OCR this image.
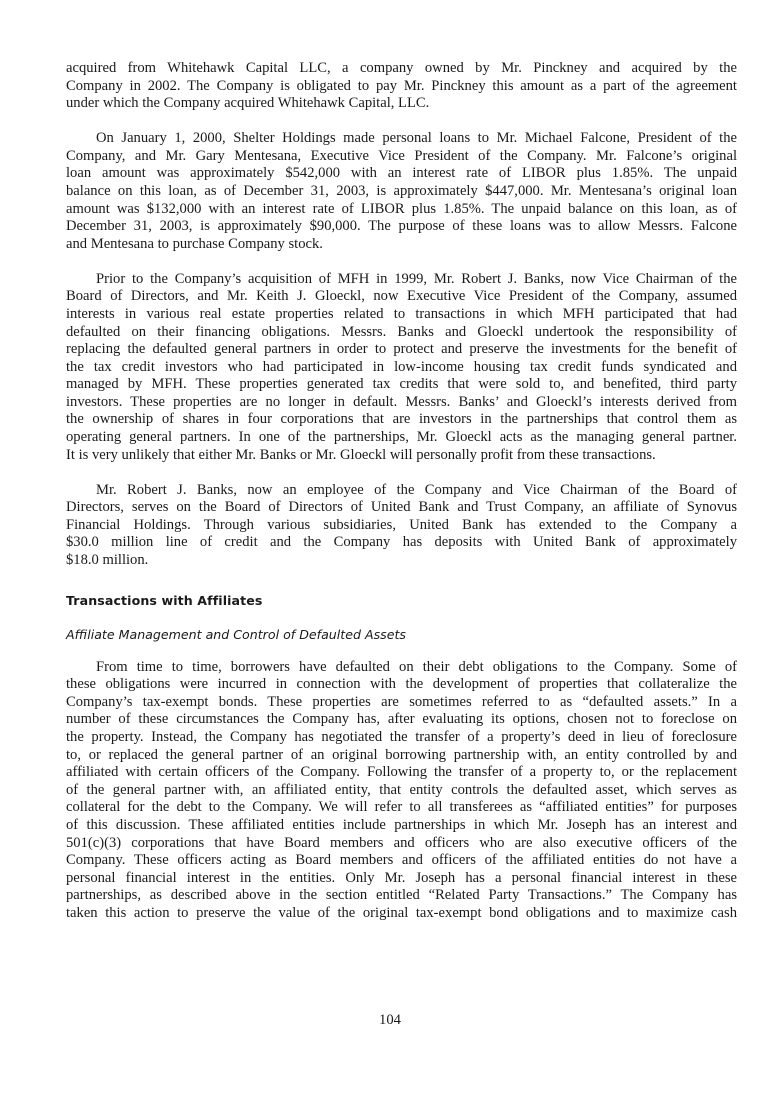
acquired from Whitehawk Capital LLC, a company owned by Mr. Pinckney and acquired by the
Company in 2002. The Company is obligated to pay Mr. Pinckney this amount as a part of the agreement
under which the Company acquired Whitehawk Capital, LLC.
On January 1, 2000, Shelter Holdings made personal loans to Mr. Michael Falcone, President of the
Company, and Mr. Gary Mentesana, Executive Vice President of the Company. Mr. Falcone’s original
loan amount was approximately $542,000 with an interest rate of LIBOR plus 1.85%. The unpaid
balance on this loan, as of December 31, 2003, is approximately $447,000. Mr. Mentesana’s original loan
amount was $132,000 with an interest rate of LIBOR plus 1.85%. The unpaid balance on this loan, as of
December 31, 2003, is approximately $90,000. The purpose of these loans was to allow Messrs. Falcone
and Mentesana to purchase Company stock.
Prior to the Company’s acquisition of MFH in 1999, Mr. Robert J. Banks, now Vice Chairman of the
Board of Directors, and Mr. Keith J. Gloeckl, now Executive Vice President of the Company, assumed
interests in various real estate properties related to transactions in which MFH participated that had
defaulted on their financing obligations. Messrs. Banks and Gloeckl undertook the responsibility of
replacing the defaulted general partners in order to protect and preserve the investments for the benefit of
the tax credit investors who had participated in low-income housing tax credit funds syndicated and
managed by MFH. These properties generated tax credits that were sold to, and benefited, third party
investors. These properties are no longer in default. Messrs. Banks’ and Gloeckl’s interests derived from
the ownership of shares in four corporations that are investors in the partnerships that control them as
operating general partners. In one of the partnerships, Mr. Gloeckl acts as the managing general partner.
It is very unlikely that either Mr. Banks or Mr. Gloeckl will personally profit from these transactions.
Mr. Robert J. Banks, now an employee of the Company and Vice Chairman of the Board of
Directors, serves on the Board of Directors of United Bank and Trust Company, an affiliate of Synovus
Financial Holdings. Through various subsidiaries, United Bank has extended to the Company a
$30.0 million line of credit and the Company has deposits with United Bank of approximately
$18.0 million.
Transactions with Affiliates
Affiliate Management and Control of Defaulted Assets
From time to time, borrowers have defaulted on their debt obligations to the Company. Some of
these obligations were incurred in connection with the development of properties that collateralize the
Company’s tax-exempt bonds. These properties are sometimes referred to as “defaulted assets.” In a
number of these circumstances the Company has, after evaluating its options, chosen not to foreclose on
the property. Instead, the Company has negotiated the transfer of a property’s deed in lieu of foreclosure
to, or replaced the general partner of an original borrowing partnership with, an entity controlled by and
affiliated with certain officers of the Company. Following the transfer of a property to, or the replacement
of the general partner with, an affiliated entity, that entity controls the defaulted asset, which serves as
collateral for the debt to the Company. We will refer to all transferees as “affiliated entities” for purposes
of this discussion. These affiliated entities include partnerships in which Mr. Joseph has an interest and
501(c)(3) corporations that have Board members and officers who are also executive officers of the
Company. These officers acting as Board members and officers of the affiliated entities do not have a
personal financial interest in the entities. Only Mr. Joseph has a personal financial interest in these
partnerships, as described above in the section entitled “Related Party Transactions.” The Company has
taken this action to preserve the value of the original tax-exempt bond obligations and to maximize cash
104
